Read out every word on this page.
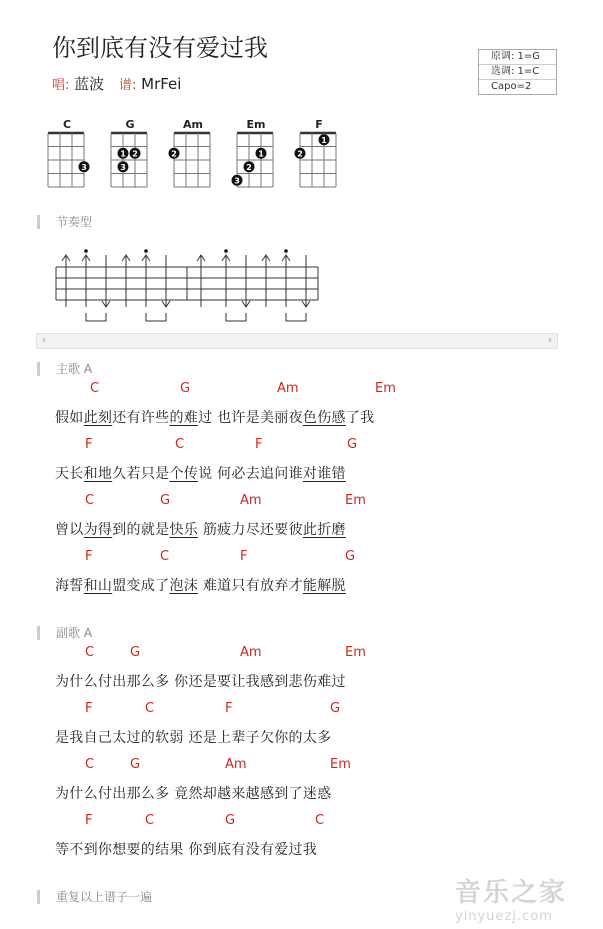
你到底有没有爱过我
唱: 蓝波 谱: MrFei
原调: 1=G
选调: 1=C
Capo=2
C
3
G
1 2
3
Am
2
Em
1
2
3
F
1
2
节奏型
‹	›
主歌 A
C	G	Am	Em
假如此刻还有许些的难过 也许是美丽夜色伤感了我
F	C	F	G
天长和地久若只是个传说 何必去追问谁对谁错
C	G	Am	Em
曾以为得到的就是快乐 筋疲力尽还要彼此折磨
F	C	F	G
海誓和山盟变成了泡沫 难道只有放弃才能解脱
副歌 A
C	G	Am	Em
为什么付出那么多 你还是要让我感到悲伤难过
F	C	F	G
是我自己太过的软弱 还是上辈子欠你的太多
C	G	Am	Em
为什么付出那么多 竟然却越来越感到了迷惑
F	C	G	C
等不到你想要的结果 你到底有没有爱过我
重复以上谱子一遍	音乐之家
yinyuezj.com
